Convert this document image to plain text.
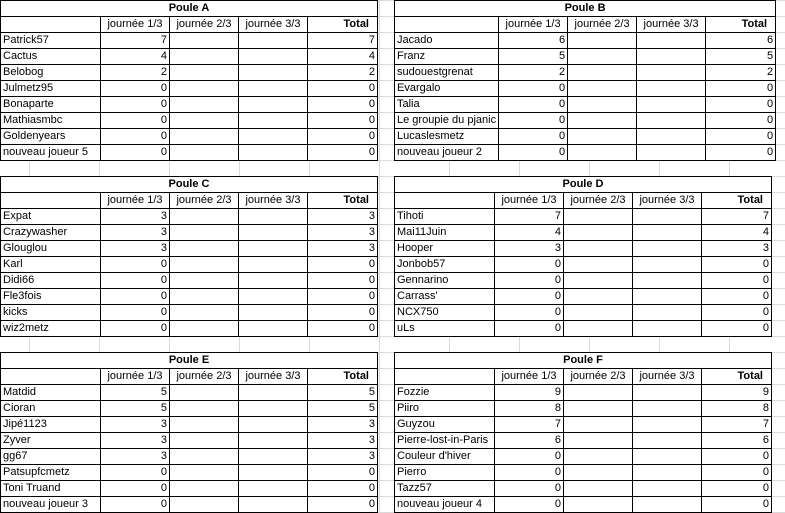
Poule A				
	journée 1/3	journée 2/3	journée 3/3	Total
Patrick57	7			7
Cactus	4			4
Belobog	2			2
Julmetz95	0			0
Bonaparte	0			0
Mathiasmbc	0			0
Goldenyears	0			0
nouveau joueur 5	0			0
Poule B				
	journée 1/3	journée 2/3	journée 3/3	Total
Jacado	6			6
Franz	5			5
sudouestgrenat	2			2
Evargalo	0			0
Talia	0			0
Le groupie du pjanic	0			0
Lucaslesmetz	0			0
nouveau joueur 2	0			0
Poule C				
	journée 1/3	journée 2/3	journée 3/3	Total
Expat	3			3
Crazywasher	3			3
Glouglou	3			3
Karl	0			0
Didi66	0			0
Fle3fois	0			0
kicks	0			0
wiz2metz	0			0
Poule D				
	journée 1/3	journée 2/3	journée 3/3	Total
Tihoti	7			7
Mai11Juin	4			4
Hooper	3			3
Jonbob57	0			0
Gennarino	0			0
Carrass'	0			0
NCX750	0			0
uLs	0			0
Poule E				
	journée 1/3	journée 2/3	journée 3/3	Total
Matdid	5			5
Cioran	5			5
Jipé1123	3			3
Zyver	3			3
gg67	3			3
Patsupfcmetz	0			0
Toni Truand	0			0
nouveau joueur 3	0			0
Poule F				
	journée 1/3	journée 2/3	journée 3/3	Total
Fozzie	9			9
Piiro	8			8
Guyzou	7			7
Pierre-lost-in-Paris	6			6
Couleur d'hiver	0			0
Pierro	0			0
Tazz57	0			0
nouveau joueur 4	0			0
